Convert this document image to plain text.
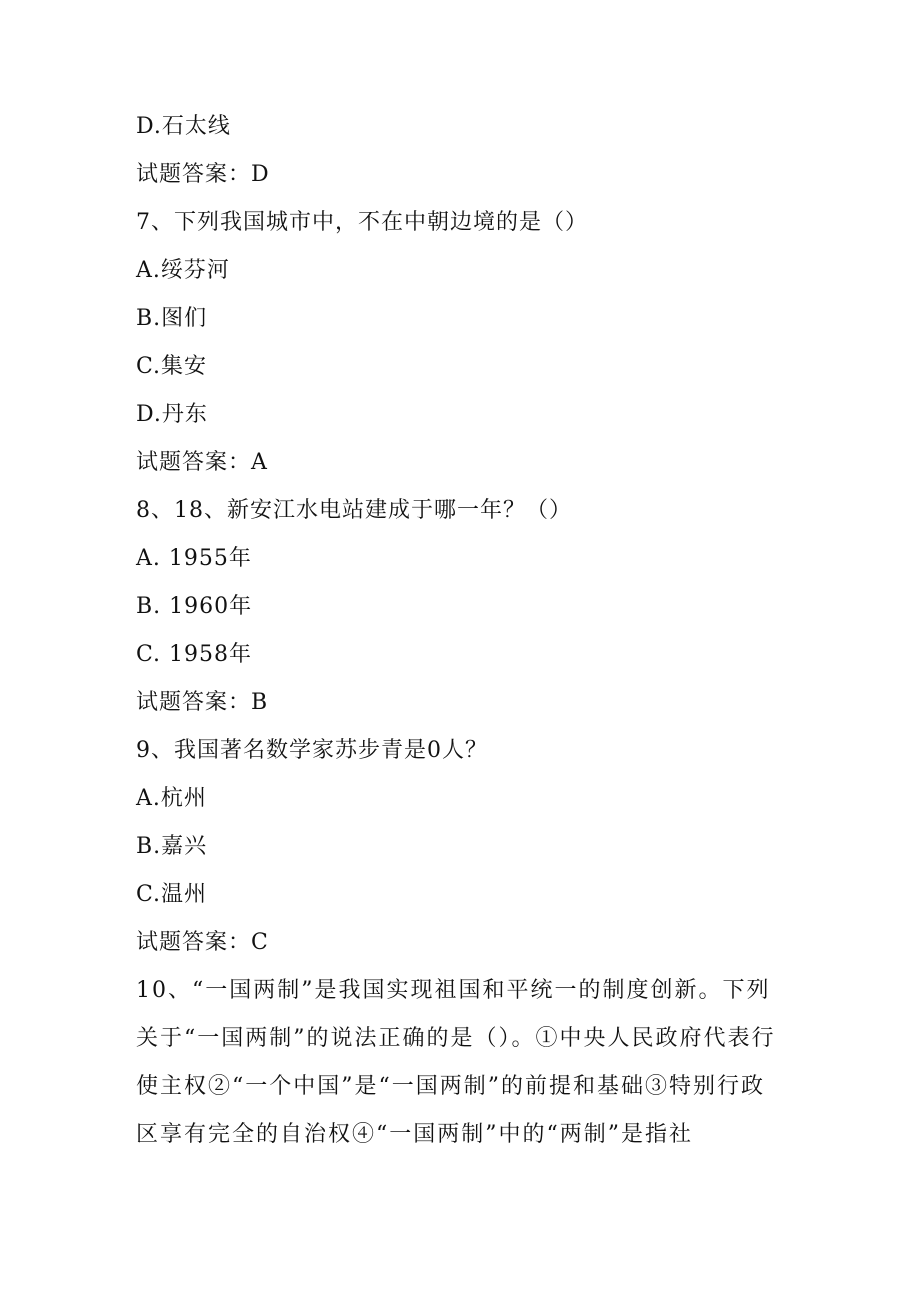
D.石太线
试题答案：D
7、下列我国城市中，不在中朝边境的是（）
A.绥芬河
B.图们
C.集安
D.丹东
试题答案：A
8、18、新安江水电站建成于哪一年？（）
A. 1955年
B. 1960年
C. 1958年
试题答案：B
9、我国著名数学家苏步青是0人？
A.杭州
B.嘉兴
C.温州
试题答案：C
10、“一国两制”是我国实现祖国和平统一的制度创新。下列关于“一国两制”的说法正确的是（）。①中央人民政府代表行使主权②“一个中国”是“一国两制”的前提和基础③特别行政区享有完全的自治权④“一国两制”中的“两制”是指社
